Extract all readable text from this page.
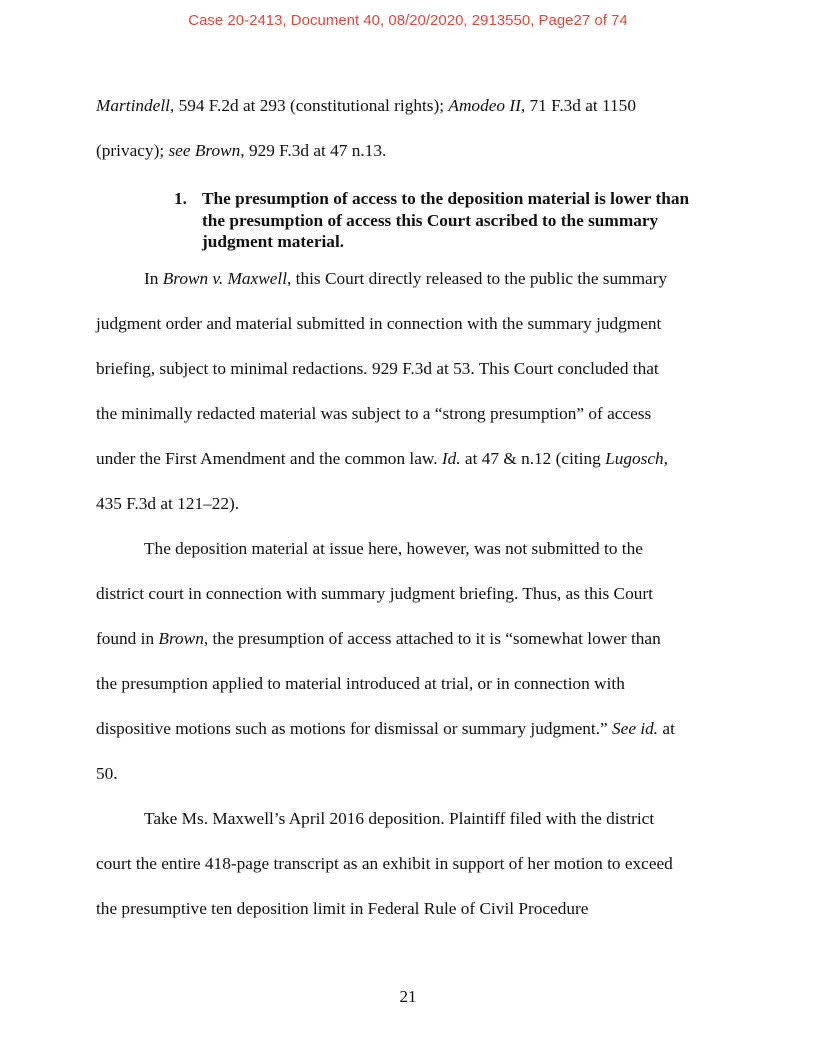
Case 20-2413, Document 40, 08/20/2020, 2913550, Page27 of 74
Martindell, 594 F.2d at 293 (constitutional rights); Amodeo II, 71 F.3d at 1150
(privacy); see Brown, 929 F.3d at 47 n.13.
In Brown v. Maxwell, this Court directly released to the public the summary
judgment order and material submitted in connection with the summary judgment
briefing, subject to minimal redactions. 929 F.3d at 53. This Court concluded that
the minimally redacted material was subject to a “strong presumption” of access
under the First Amendment and the common law. Id. at 47 & n.12 (citing Lugosch,
435 F.3d at 121–22).
The deposition material at issue here, however, was not submitted to the
district court in connection with summary judgment briefing. Thus, as this Court
found in Brown, the presumption of access attached to it is “somewhat lower than
the presumption applied to material introduced at trial, or in connection with
dispositive motions such as motions for dismissal or summary judgment.” See id. at
50.
Take Ms. Maxwell’s April 2016 deposition. Plaintiff filed with the district
court the entire 418-page transcript as an exhibit in support of her motion to exceed
the presumptive ten deposition limit in Federal Rule of Civil Procedure
1. The presumption of access to the deposition material is lower than the presumption of access this Court ascribed to the summary judgment material.
21
